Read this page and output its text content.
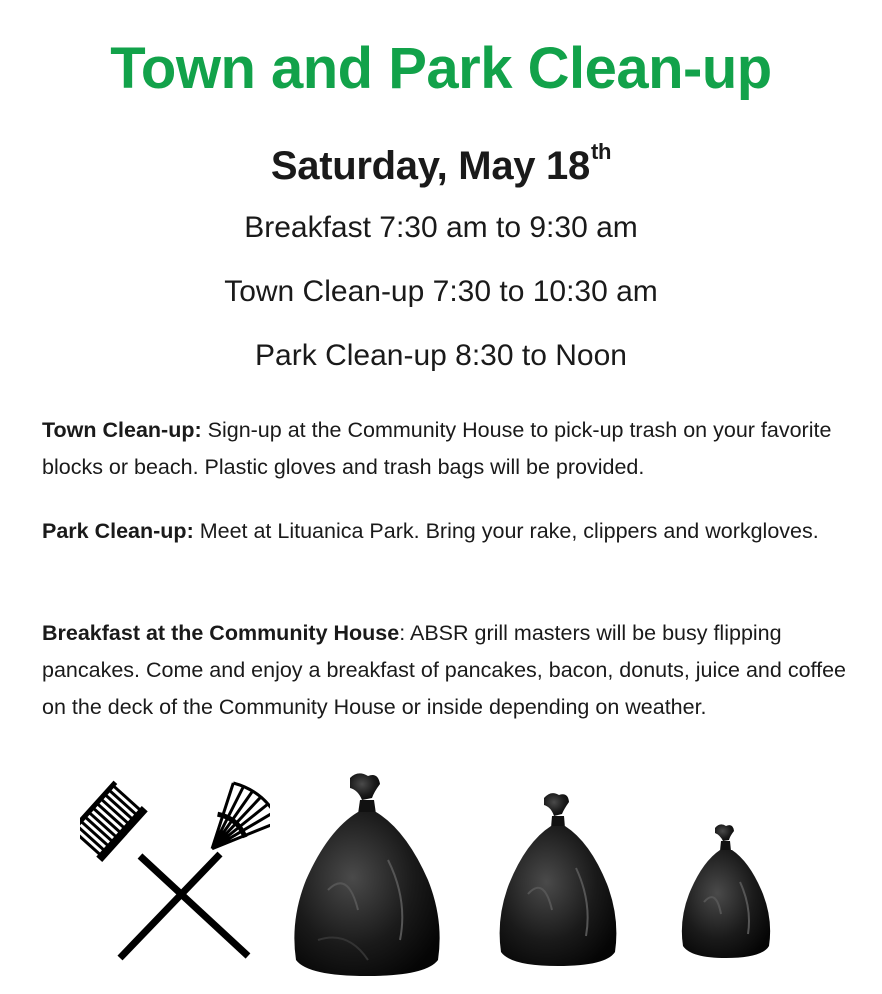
Town and Park Clean-up
Saturday, May 18th
Breakfast 7:30 am to 9:30 am
Town Clean-up 7:30 to 10:30 am
Park Clean-up 8:30 to Noon
Town Clean-up: Sign-up at the Community House to pick-up trash on your favorite blocks or beach. Plastic gloves and trash bags will be provided.
Park Clean-up: Meet at Lituanica Park. Bring your rake, clippers and workgloves.
Breakfast at the Community House: ABSR grill masters will be busy flipping pancakes. Come and enjoy a breakfast of pancakes, bacon, donuts, juice and coffee on the deck of the Community House or inside depending on weather.
